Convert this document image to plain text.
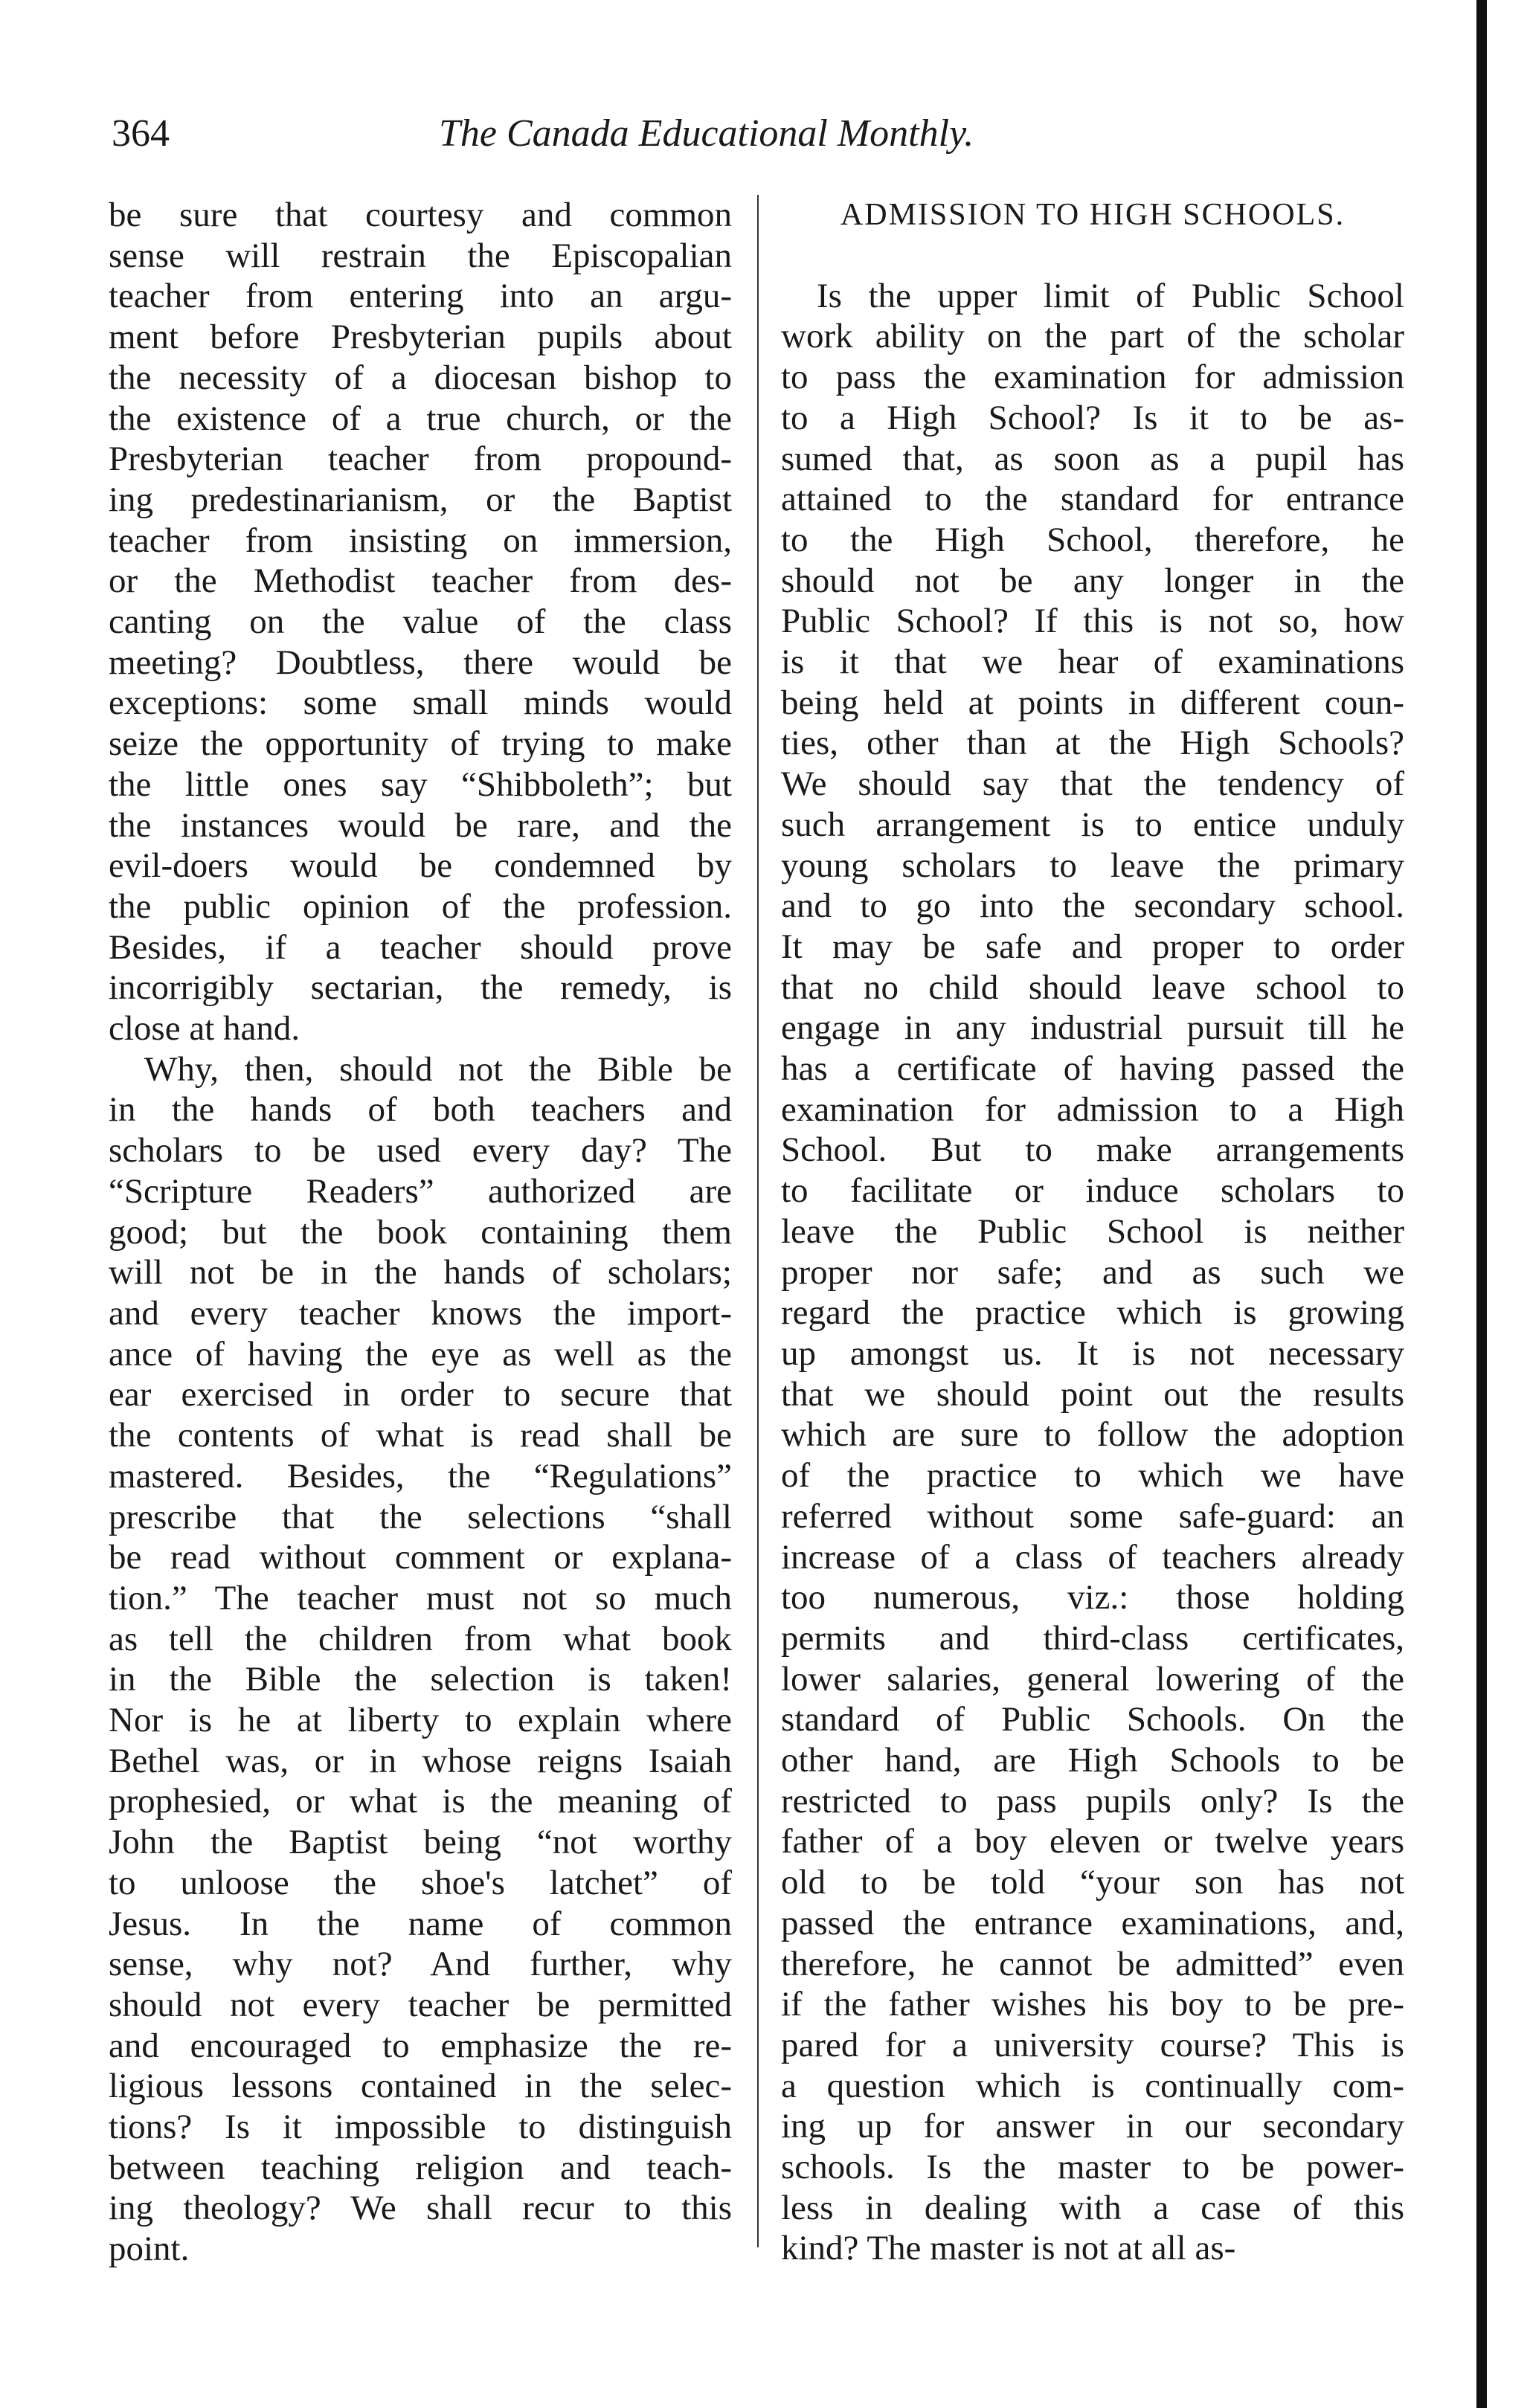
364	The Canada Educational Monthly.
be sure that courtesy and common
sense will restrain the Episcopalian
teacher from entering into an argu-
ment before Presbyterian pupils about
the necessity of a diocesan bishop to
the existence of a true church, or the
Presbyterian teacher from propound-
ing predestinarianism, or the Baptist
teacher from insisting on immersion,
or the Methodist teacher from des-
canting on the value of the class
meeting? Doubtless, there would be
exceptions: some small minds would
seize the opportunity of trying to make
the little ones say “Shibboleth”; but
the instances would be rare, and the
evil-doers would be condemned by
the public opinion of the profession.
Besides, if a teacher should prove
incorrigibly sectarian, the remedy, is
close at hand.
Why, then, should not the Bible be
in the hands of both teachers and
scholars to be used every day? The
“Scripture Readers” authorized are
good; but the book containing them
will not be in the hands of scholars;
and every teacher knows the import-
ance of having the eye as well as the
ear exercised in order to secure that
the contents of what is read shall be
mastered. Besides, the “Regulations”
prescribe that the selections “shall
be read without comment or explana-
tion.” The teacher must not so much
as tell the children from what book
in the Bible the selection is taken!
Nor is he at liberty to explain where
Bethel was, or in whose reigns Isaiah
prophesied, or what is the meaning of
John the Baptist being “not worthy
to unloose the shoe's latchet” of
Jesus. In the name of common
sense, why not? And further, why
should not every teacher be permitted
and encouraged to emphasize the re-
ligious lessons contained in the selec-
tions? Is it impossible to distinguish
between teaching religion and teach-
ing theology? We shall recur to this
point.
ADMISSION TO HIGH SCHOOLS.
Is the upper limit of Public School
work ability on the part of the scholar
to pass the examination for admission
to a High School? Is it to be as-
sumed that, as soon as a pupil has
attained to the standard for entrance
to the High School, therefore, he
should not be any longer in the
Public School? If this is not so, how
is it that we hear of examinations
being held at points in different coun-
ties, other than at the High Schools?
We should say that the tendency of
such arrangement is to entice unduly
young scholars to leave the primary
and to go into the secondary school.
It may be safe and proper to order
that no child should leave school to
engage in any industrial pursuit till he
has a certificate of having passed the
examination for admission to a High
School. But to make arrangements
to facilitate or induce scholars to
leave the Public School is neither
proper nor safe; and as such we
regard the practice which is growing
up amongst us. It is not necessary
that we should point out the results
which are sure to follow the adoption
of the practice to which we have
referred without some safe-guard: an
increase of a class of teachers already
too numerous, viz.: those holding
permits and third-class certificates,
lower salaries, general lowering of the
standard of Public Schools. On the
other hand, are High Schools to be
restricted to pass pupils only? Is the
father of a boy eleven or twelve years
old to be told “your son has not
passed the entrance examinations, and,
therefore, he cannot be admitted” even
if the father wishes his boy to be pre-
pared for a university course? This is
a question which is continually com-
ing up for answer in our secondary
schools. Is the master to be power-
less in dealing with a case of this
kind? The master is not at all as-
